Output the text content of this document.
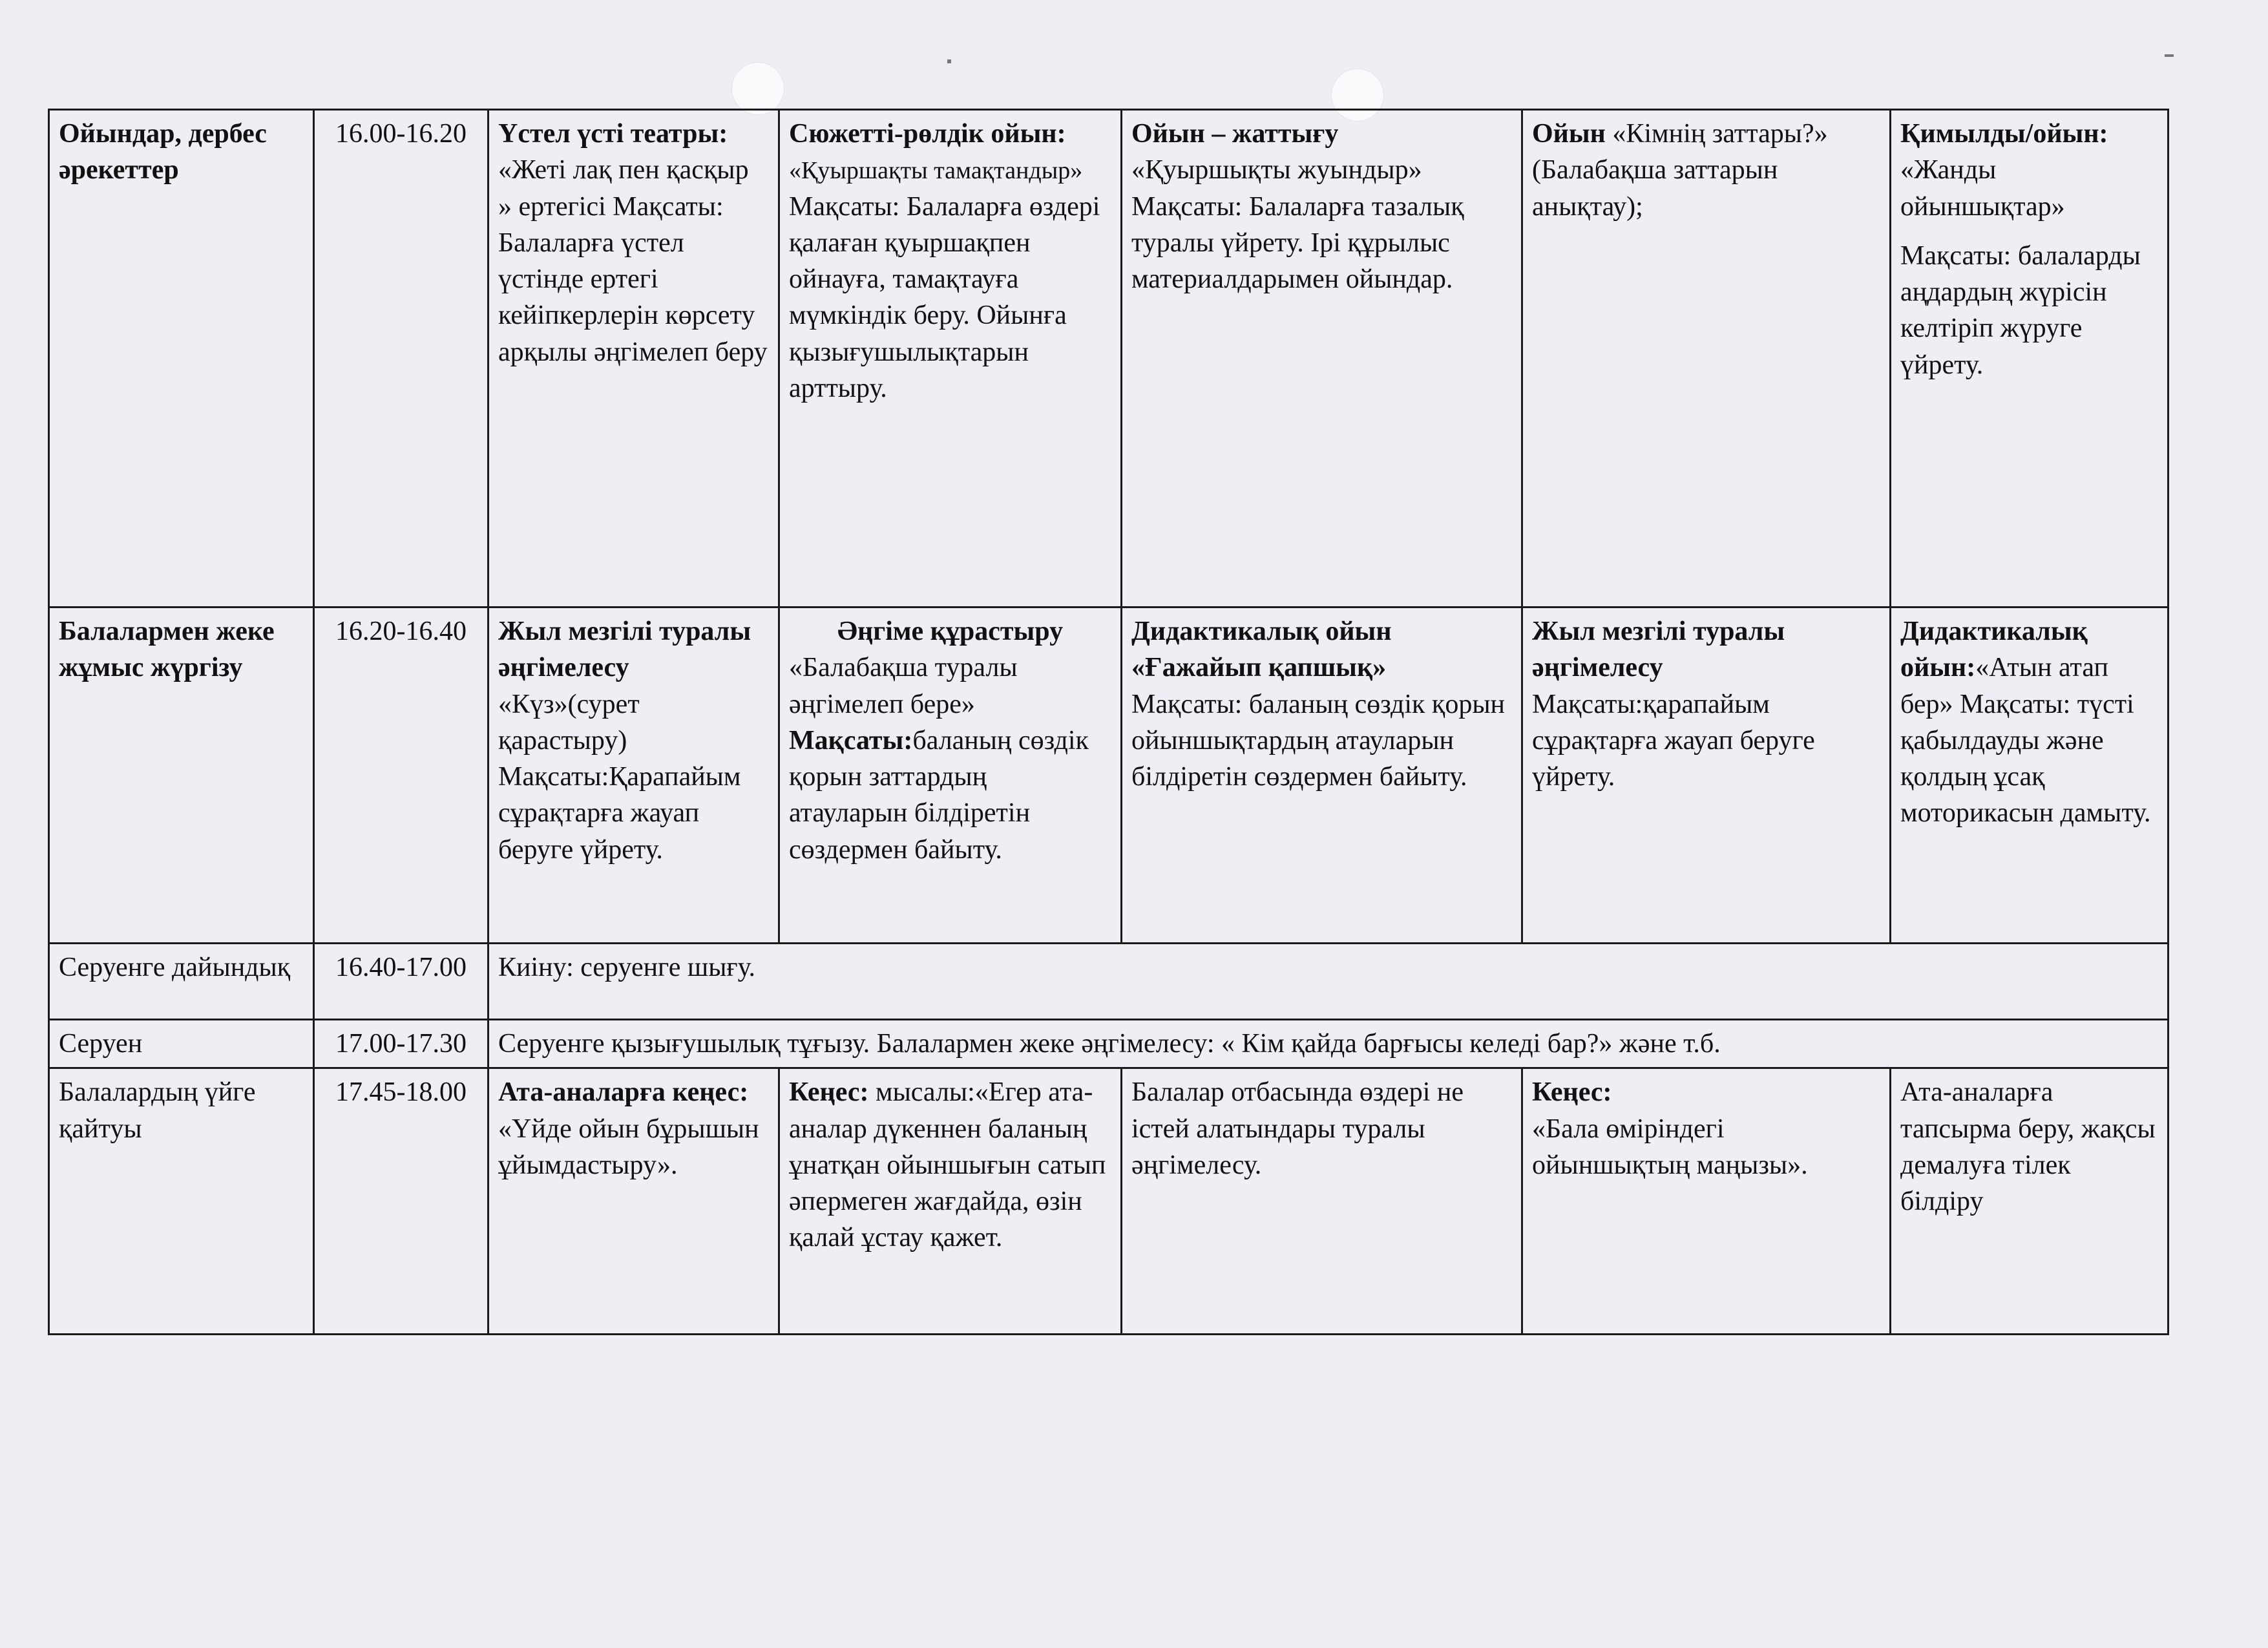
Ойындар, дербес әрекеттер	16.00-16.20	Үстел үсті театры:
«Жеті лақ пен қасқыр » ертегісі Мақсаты: Балаларға үстел үстінде ертегі кейіпкерлерін көрсету арқылы әңгімелеп беру	Сюжетті-рөлдік ойын:
«Қуыршақты тамақтандыр»
Мақсаты: Балаларға өздері қалаған қуыршақпен ойнауға, тамақтауға мүмкіндік беру. Ойынға қызығушылықтарын арттыру.	Ойын – жаттығу
«Қуыршықты жуындыр» Мақсаты: Балаларға тазалық туралы үйрету. Ірі құрылыс материалдарымен ойындар.	Ойын «Кімнің заттары?» (Балабақша заттарын анықтау);	Қимылды/ойын:
«Жанды ойыншықтар»
Мақсаты: балаларды аңдардың жүрісін келтіріп жүруге үйрету.
Балалармен жеке жұмыс жүргізу	16.20-16.40	Жыл мезгілі туралы әңгімелесу
«Күз»(сурет қарастыру) Мақсаты:Қарапайым сұрақтарға жауап беруге үйрету.	Әңгіме құрастыру
«Балабақша туралы әңгімелеп бере»
Мақсаты:баланың сөздік қорын заттардың атауларын білдіретін сөздермен байыту.	Дидактикалық ойын
«Ғажайып қапшық»
Мақсаты: баланың сөздік қорын ойыншықтардың атауларын білдіретін сөздермен байыту.	Жыл мезгілі туралы әңгімелесу
Мақсаты:қарапайым сұрақтарға жауап беруге үйрету.	Дидактикалық ойын:«Атын атап бер» Мақсаты: түсті қабылдауды және қолдың ұсақ моторикасын дамыту.
Серуенге дайындық	16.40-17.00	Киіну: серуенге шығу.				
Серуен	17.00-17.30	Серуенге қызығушылық тұғызу. Балалармен жеке әңгімелесу: « Кім қайда барғысы келеді бар?» және т.б.				
Балалардың үйге қайтуы	17.45-18.00	Ата-аналарға кеңес:
«Үйде ойын бұрышын ұйымдастыру».	Кеңес: мысалы:«Егер ата-аналар дүкеннен баланың ұнатқан ойыншығын сатып әпермеген жағдайда, өзін қалай ұстау қажет.	Балалар отбасында өздері не істей алатындары туралы әңгімелесу.	Кеңес:
«Бала өміріндегі ойыншықтың маңызы».	Ата-аналарға тапсырма беру, жақсы демалуға тілек білдіру
